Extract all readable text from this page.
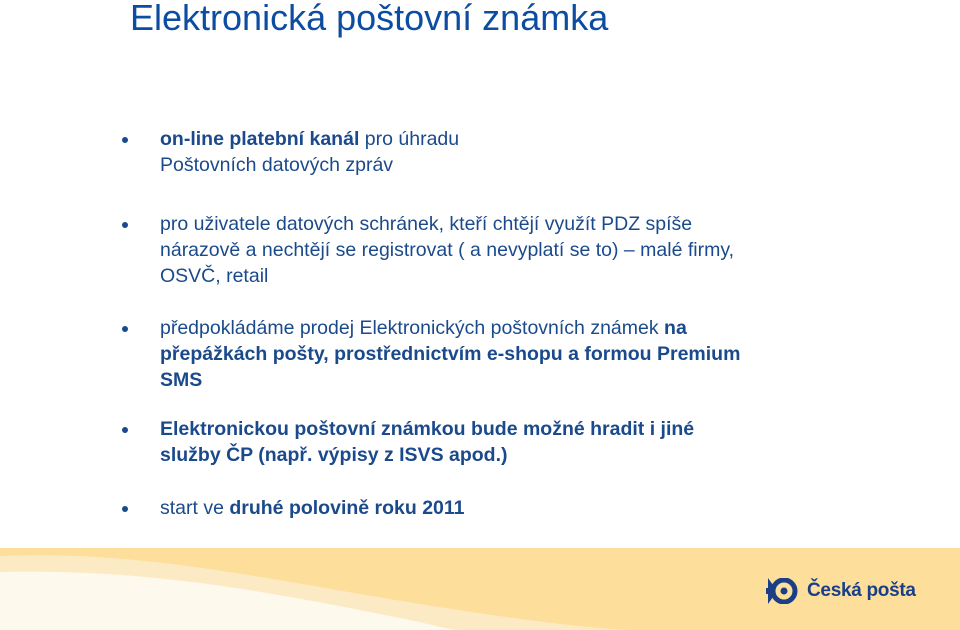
Elektronická poštovní známka
on-line platební kanál pro úhradu
Poštovních datových zpráv
pro uživatele datových schránek, kteří chtějí využít PDZ spíše
nárazově a nechtějí se registrovat ( a nevyplatí se to) – malé firmy,
OSVČ, retail
předpokládáme prodej Elektronických poštovních známek na
přepážkách pošty, prostřednictvím e-shopu a formou Premium
SMS
Elektronickou poštovní známkou bude možné hradit i jiné
služby ČP (např. výpisy z ISVS apod.)
start ve druhé polovině roku 2011
Česká pošta
